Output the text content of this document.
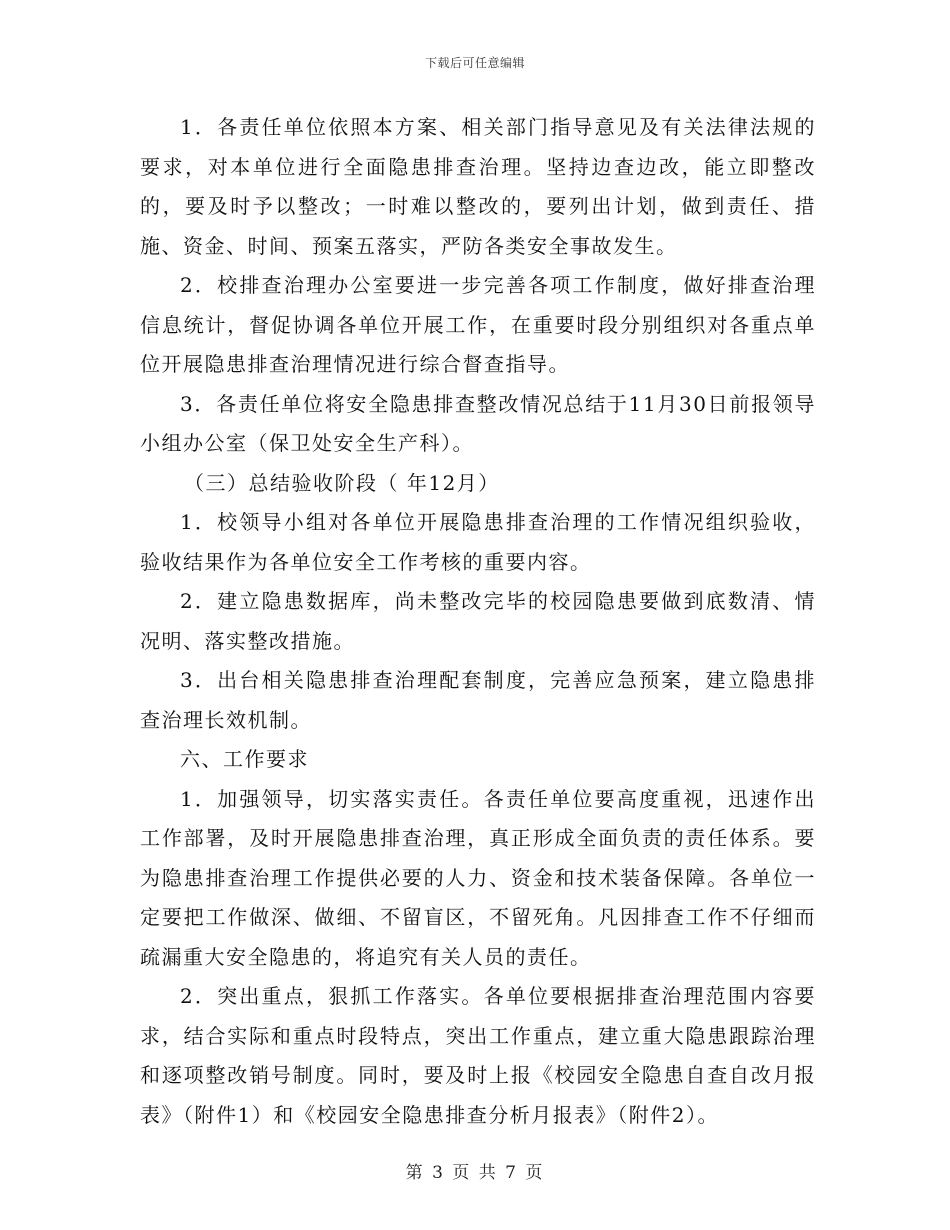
下载后可任意编辑

1．各责任单位依照本方案、相关部门指导意见及有关法律法规的要求，对本单位进行全面隐患排查治理。坚持边查边改，能立即整改的，要及时予以整改；一时难以整改的，要列出计划，做到责任、措施、资金、时间、预案五落实，严防各类安全事故发生。

2．校排查治理办公室要进一步完善各项工作制度，做好排查治理信息统计，督促协调各单位开展工作，在重要时段分别组织对各重点单位开展隐患排查治理情况进行综合督查指导。

3．各责任单位将安全隐患排查整改情况总结于11月30日前报领导小组办公室（保卫处安全生产科）。

（三）总结验收阶段（ 年12月）

1．校领导小组对各单位开展隐患排查治理的工作情况组织验收，验收结果作为各单位安全工作考核的重要内容。

2．建立隐患数据库，尚未整改完毕的校园隐患要做到底数清、情况明、落实整改措施。

3．出台相关隐患排查治理配套制度，完善应急预案，建立隐患排查治理长效机制。

六、工作要求

1．加强领导，切实落实责任。各责任单位要高度重视，迅速作出工作部署，及时开展隐患排查治理，真正形成全面负责的责任体系。要为隐患排查治理工作提供必要的人力、资金和技术装备保障。各单位一定要把工作做深、做细、不留盲区，不留死角。凡因排查工作不仔细而疏漏重大安全隐患的，将追究有关人员的责任。

2．突出重点，狠抓工作落实。各单位要根据排查治理范围内容要求，结合实际和重点时段特点，突出工作重点，建立重大隐患跟踪治理和逐项整改销号制度。同时，要及时上报《校园安全隐患自查自改月报表》（附件1）和《校园安全隐患排查分析月报表》（附件2）。

第 3 页 共 7 页
